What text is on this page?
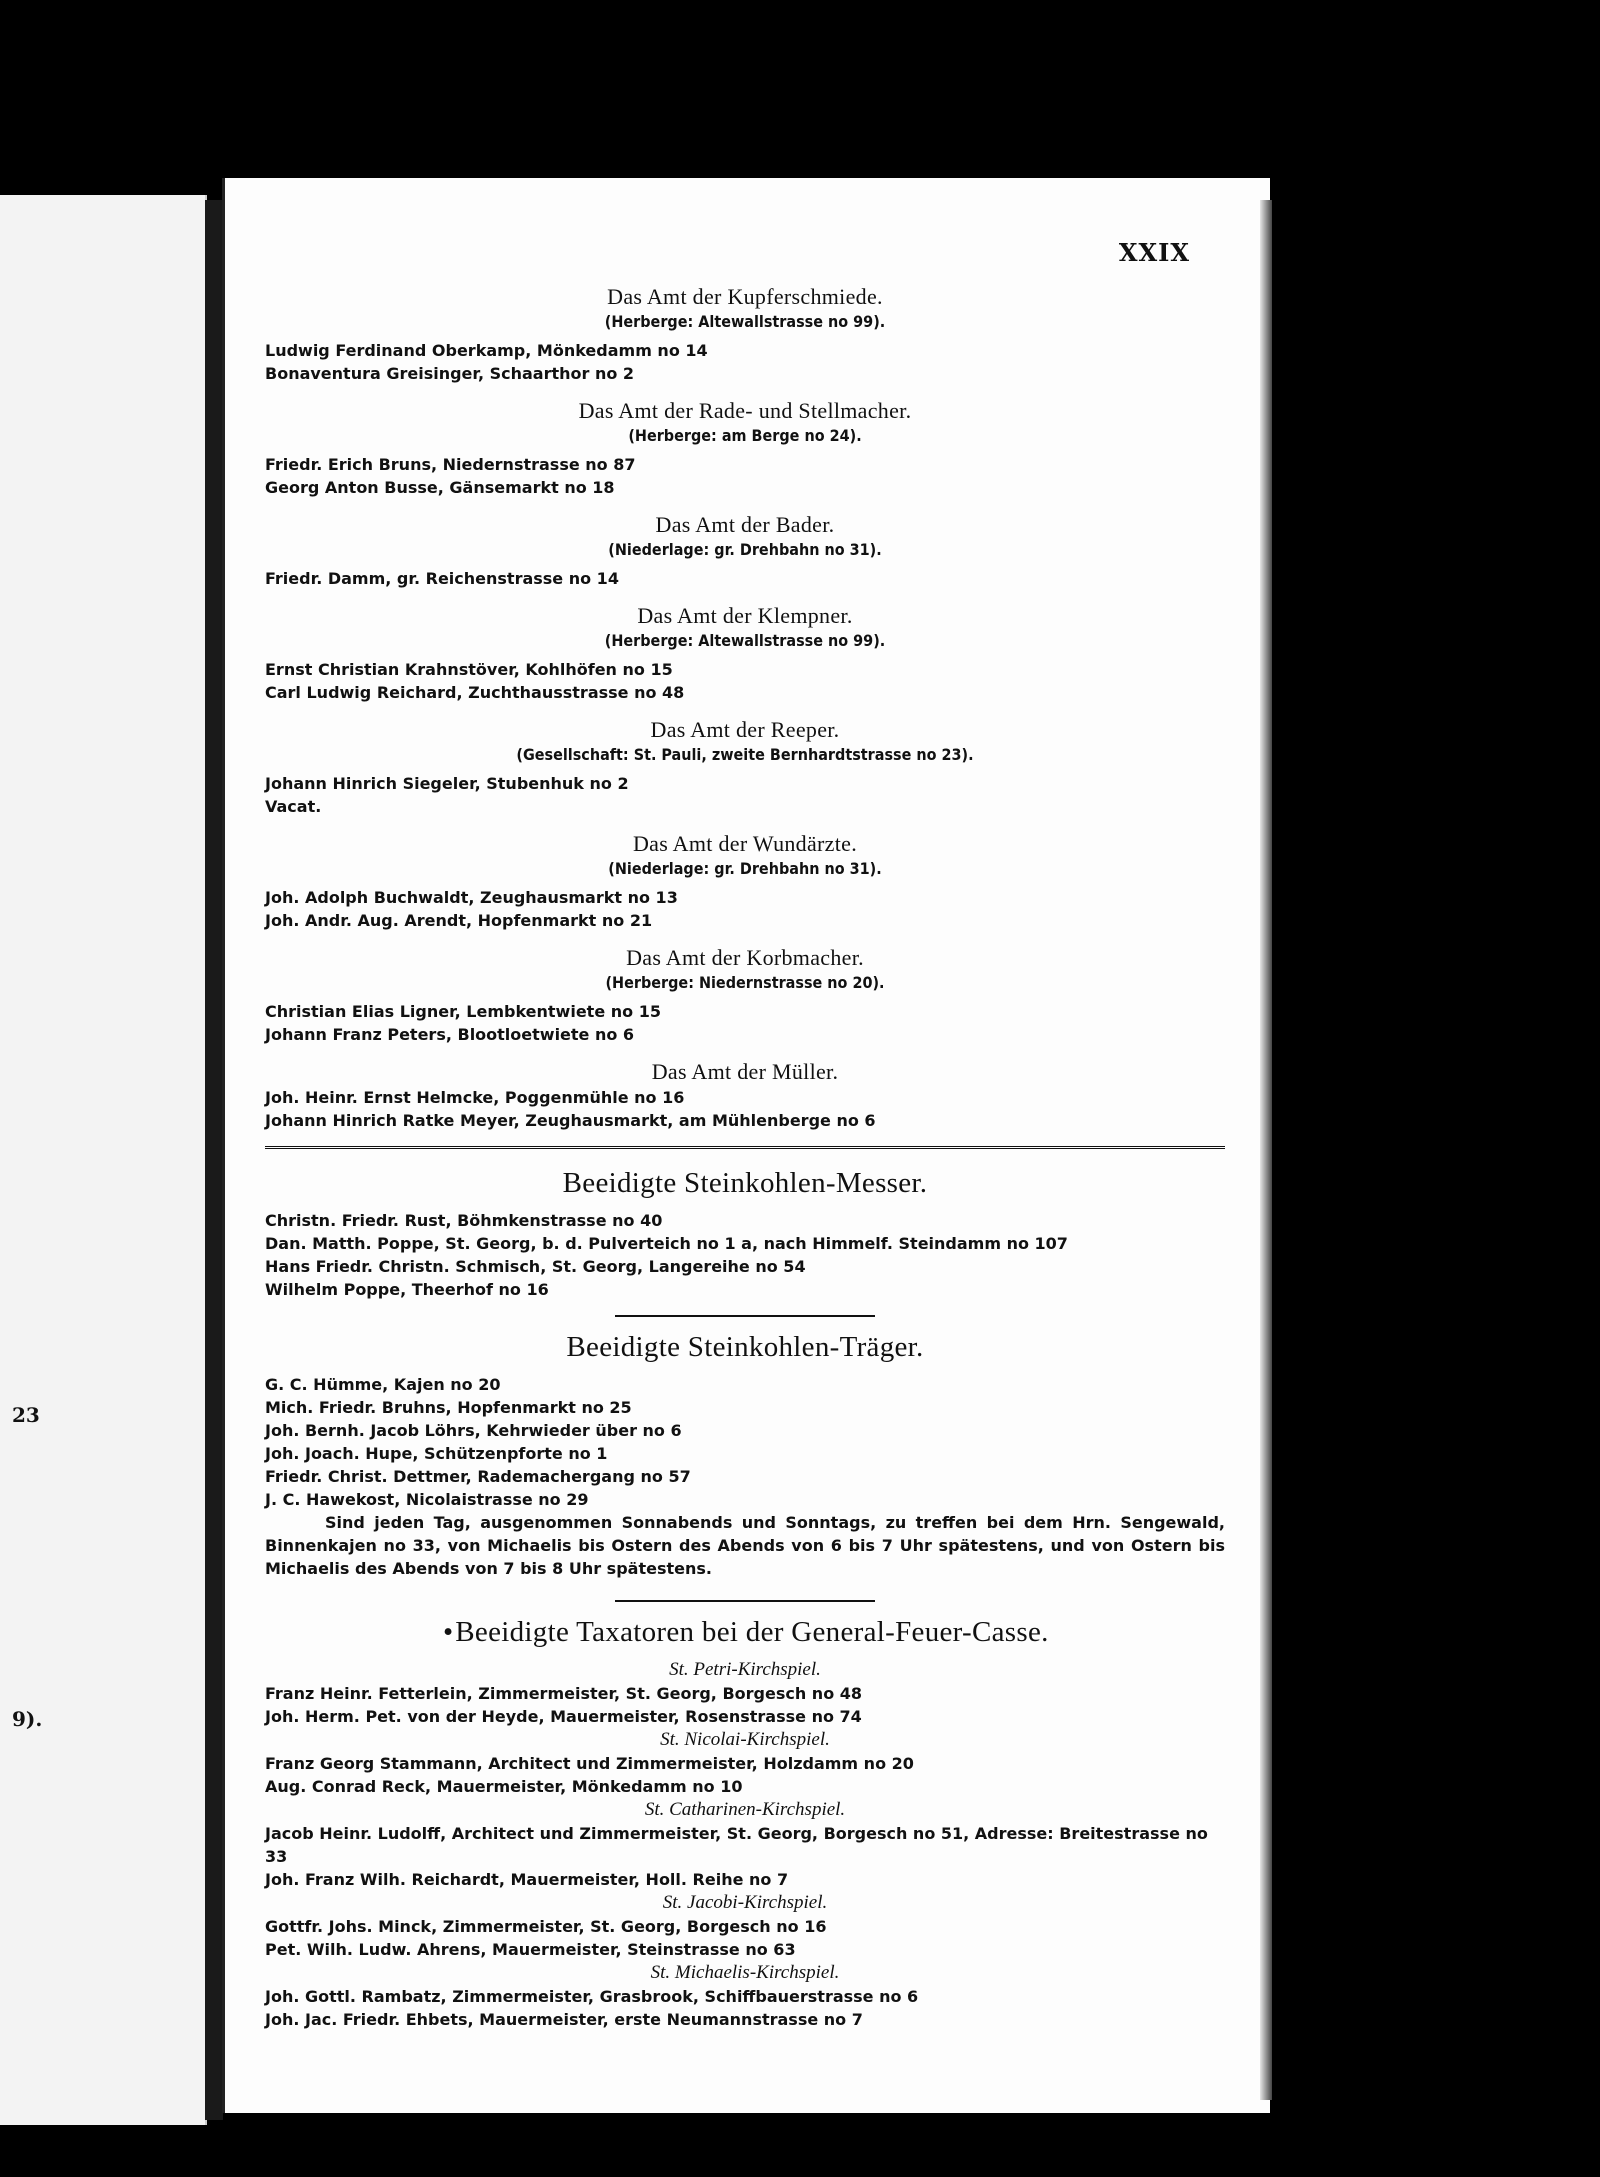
23
9).
XXIX
Das Amt der Kupferschmiede.
(Herberge: Altewallstrasse no 99).
Ludwig Ferdinand Oberkamp, Mönkedamm no 14
Bonaventura Greisinger, Schaarthor no 2
Das Amt der Rade- und Stellmacher.
(Herberge: am Berge no 24).
Friedr. Erich Bruns, Niedernstrasse no 87
Georg Anton Busse, Gänsemarkt no 18
Das Amt der Bader.
(Niederlage: gr. Drehbahn no 31).
Friedr. Damm, gr. Reichenstrasse no 14
Das Amt der Klempner.
(Herberge: Altewallstrasse no 99).
Ernst Christian Krahnstöver, Kohlhöfen no 15
Carl Ludwig Reichard, Zuchthausstrasse no 48
Das Amt der Reeper.
(Gesellschaft: St. Pauli, zweite Bernhardtstrasse no 23).
Johann Hinrich Siegeler, Stubenhuk no 2
Vacat.
Das Amt der Wundärzte.
(Niederlage: gr. Drehbahn no 31).
Joh. Adolph Buchwaldt, Zeughausmarkt no 13
Joh. Andr. Aug. Arendt, Hopfenmarkt no 21
Das Amt der Korbmacher.
(Herberge: Niedernstrasse no 20).
Christian Elias Ligner, Lembkentwiete no 15
Johann Franz Peters, Blootloetwiete no 6
Das Amt der Müller.
Joh. Heinr. Ernst Helmcke, Poggenmühle no 16
Johann Hinrich Ratke Meyer, Zeughausmarkt, am Mühlenberge no 6
Beeidigte Steinkohlen-Messer.
Christn. Friedr. Rust, Böhmkenstrasse no 40
Dan. Matth. Poppe, St. Georg, b. d. Pulverteich no 1 a, nach Himmelf. Steindamm no 107
Hans Friedr. Christn. Schmisch, St. Georg, Langereihe no 54
Wilhelm Poppe, Theerhof no 16
Beeidigte Steinkohlen-Träger.
G. C. Hümme, Kajen no 20
Mich. Friedr. Bruhns, Hopfenmarkt no 25
Joh. Bernh. Jacob Löhrs, Kehrwieder über no 6
Joh. Joach. Hupe, Schützenpforte no 1
Friedr. Christ. Dettmer, Rademachergang no 57
J. C. Hawekost, Nicolaistrasse no 29
Sind jeden Tag, ausgenommen Sonnabends und Sonntags, zu treffen bei dem Hrn. Sengewald, Binnenkajen no 33, von Michaelis bis Ostern des Abends von 6 bis 7 Uhr spätestens, und von Ostern bis Michaelis des Abends von 7 bis 8 Uhr spätestens.
•Beeidigte Taxatoren bei der General-Feuer-Casse.
St. Petri-Kirchspiel.
Franz Heinr. Fetterlein, Zimmermeister, St. Georg, Borgesch no 48
Joh. Herm. Pet. von der Heyde, Mauermeister, Rosenstrasse no 74
St. Nicolai-Kirchspiel.
Franz Georg Stammann, Architect und Zimmermeister, Holzdamm no 20
Aug. Conrad Reck, Mauermeister, Mönkedamm no 10
St. Catharinen-Kirchspiel.
Jacob Heinr. Ludolff, Architect und Zimmermeister, St. Georg, Borgesch no 51, Adresse: Breitestrasse no 33
Joh. Franz Wilh. Reichardt, Mauermeister, Holl. Reihe no 7
St. Jacobi-Kirchspiel.
Gottfr. Johs. Minck, Zimmermeister, St. Georg, Borgesch no 16
Pet. Wilh. Ludw. Ahrens, Mauermeister, Steinstrasse no 63
St. Michaelis-Kirchspiel.
Joh. Gottl. Rambatz, Zimmermeister, Grasbrook, Schiffbauerstrasse no 6
Joh. Jac. Friedr. Ehbets, Mauermeister, erste Neumannstrasse no 7
